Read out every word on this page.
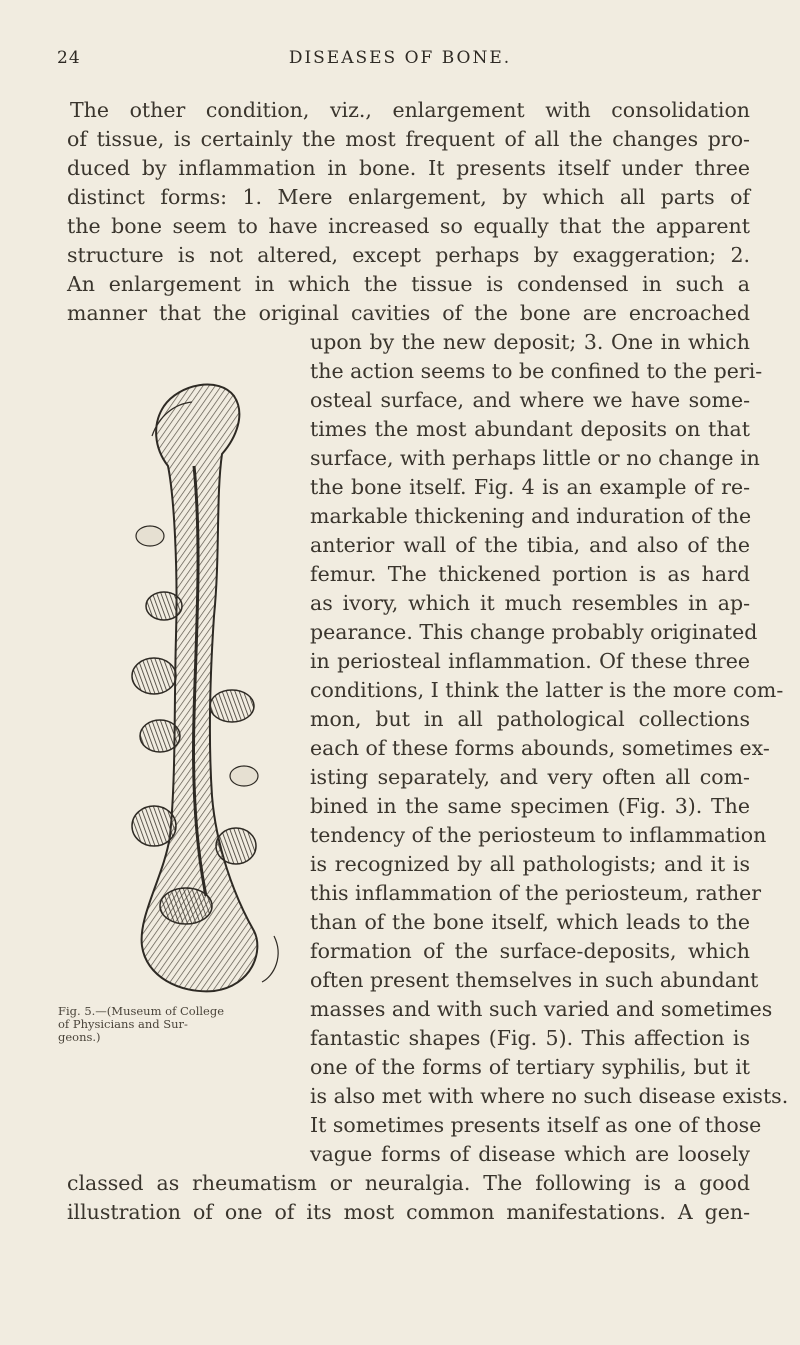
24	DISEASES OF BONE.
The other condition, viz., enlargement with consolidation
of tissue, is certainly the most frequent of all the changes pro-
duced by inflammation in bone. It presents itself under three
distinct forms: 1. Mere enlargement, by which all parts of
the bone seem to have increased so equally that the apparent
structure is not altered, except perhaps by exaggeration; 2.
An enlargement in which the tissue is condensed in such a
manner that the original cavities of the bone are encroached
upon by the new deposit; 3. One in which
the action seems to be confined to the peri-
osteal surface, and where we have some-
times the most abundant deposits on that
surface, with perhaps little or no change in
the bone itself. Fig. 4 is an example of re-
markable thickening and induration of the
anterior wall of the tibia, and also of the
femur. The thickened portion is as hard
as ivory, which it much resembles in ap-
pearance. This change probably originated
in periosteal inflammation. Of these three
conditions, I think the latter is the more com-
mon, but in all pathological collections
each of these forms abounds, sometimes ex-
isting separately, and very often all com-
bined in the same specimen (Fig. 3). The
tendency of the periosteum to inflammation
is recognized by all pathologists; and it is
this inflammation of the periosteum, rather
than of the bone itself, which leads to the
formation of the surface-deposits, which
often present themselves in such abundant
masses and with such varied and sometimes
fantastic shapes (Fig. 5). This affection is
one of the forms of tertiary syphilis, but it
is also met with where no such disease exists.
It sometimes presents itself as one of those
vague forms of disease which are loosely
classed as rheumatism or neuralgia. The following is a good
illustration of one of its most common manifestations. A gen-
Fig. 5.—(Museum of College
of Physicians and Sur-
geons.)
